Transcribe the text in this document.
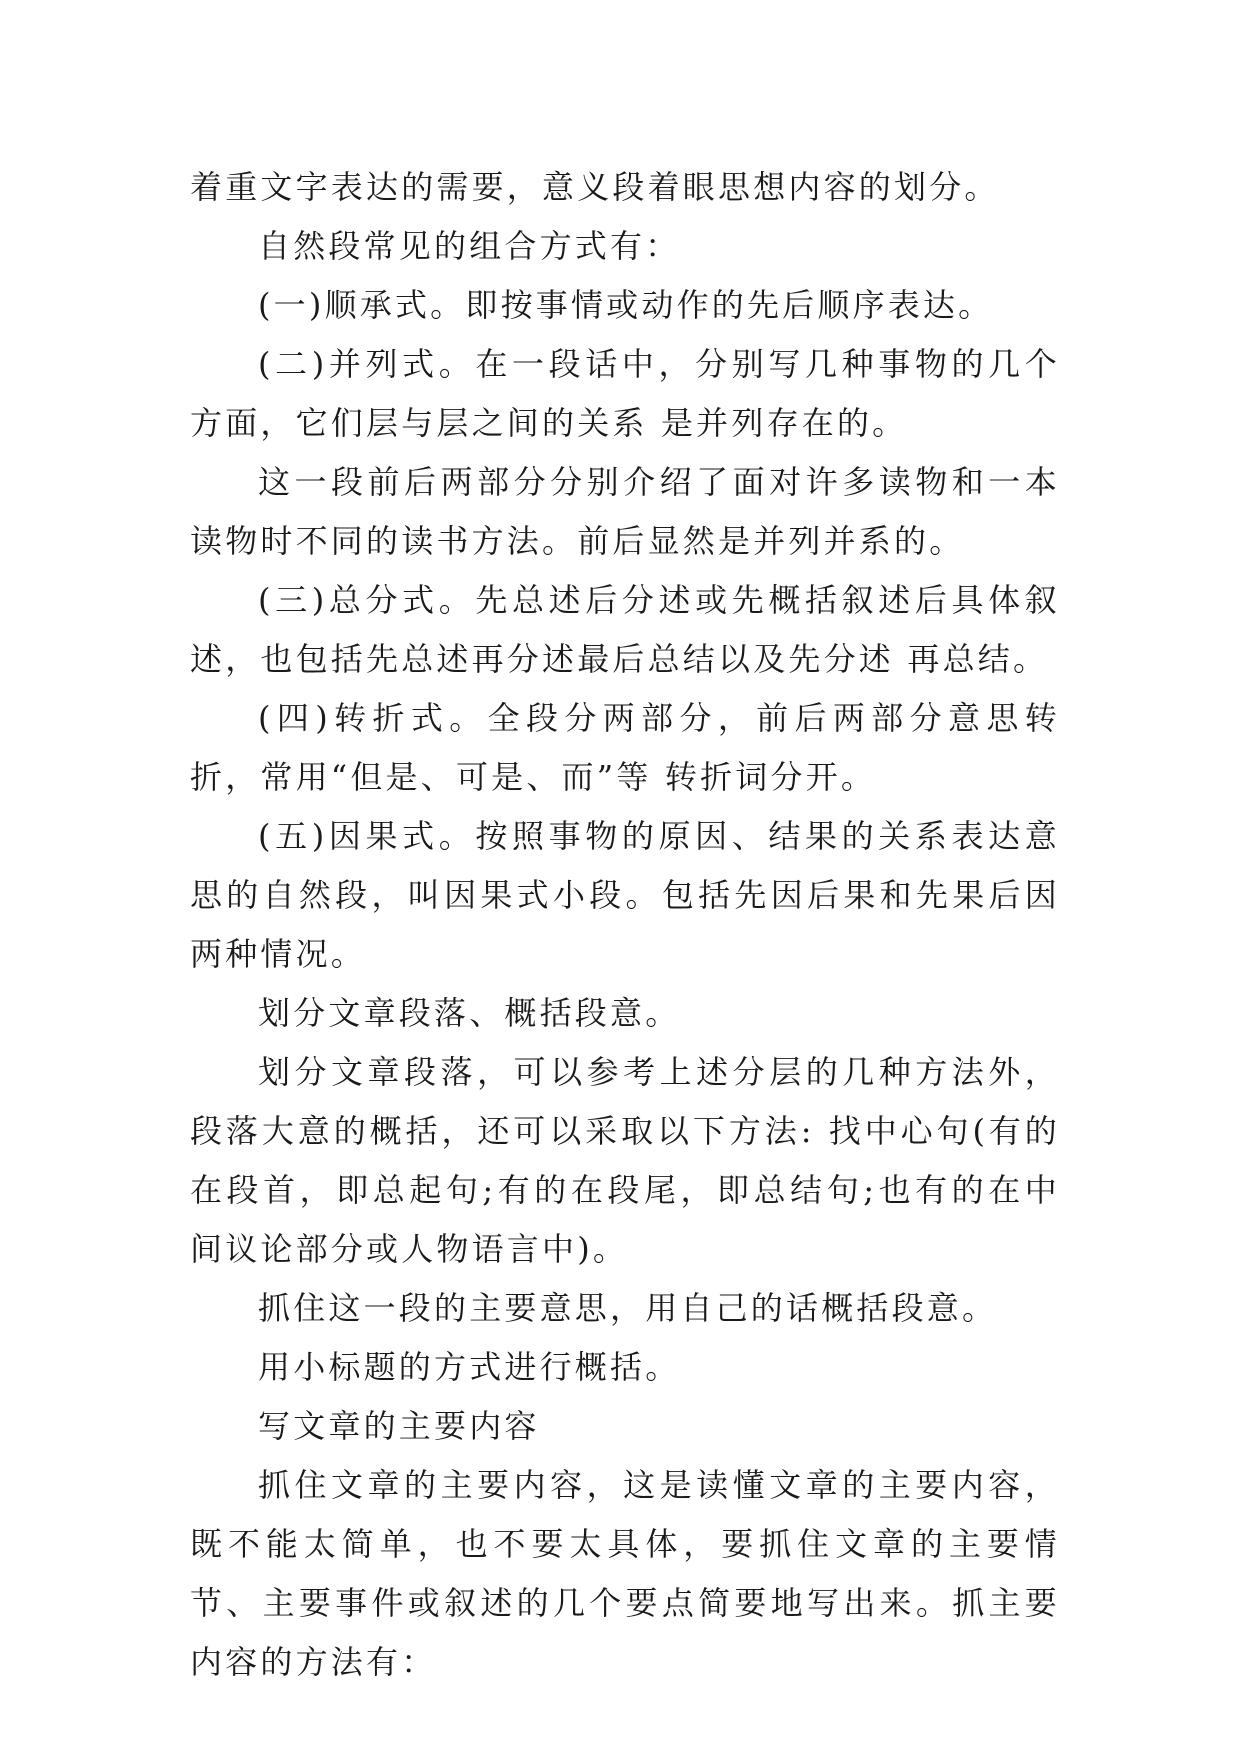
着重文字表达的需要，意义段着眼思想内容的划分。

自然段常见的组合方式有：

(一)顺承式。即按事情或动作的先后顺序表达。

(二)并列式。在一段话中，分别写几种事物的几个方面，它们层与层之间的关系 是并列存在的。

这一段前后两部分分别介绍了面对许多读物和一本读物时不同的读书方法。前后显然是并列并系的。

(三)总分式。先总述后分述或先概括叙述后具体叙述，也包括先总述再分述最后总结以及先分述 再总结。

(四)转折式。全段分两部分，前后两部分意思转折，常用“但是、可是、而”等 转折词分开。

(五)因果式。按照事物的原因、结果的关系表达意思的自然段，叫因果式小段。包括先因后果和先果后因两种情况。

划分文章段落、概括段意。

划分文章段落，可以参考上述分层的几种方法外，段落大意的概括，还可以采取以下方法: 找中心句(有的在段首，即总起句;有的在段尾，即总结句;也有的在中间议论部分或人物语言中)。

抓住这一段的主要意思，用自己的话概括段意。

用小标题的方式进行概括。

写文章的主要内容

抓住文章的主要内容，这是读懂文章的主要内容，既不能太简单，也不要太具体，要抓住文章的主要情节、主要事件或叙述的几个要点简要地写出来。抓主要内容的方法有：
